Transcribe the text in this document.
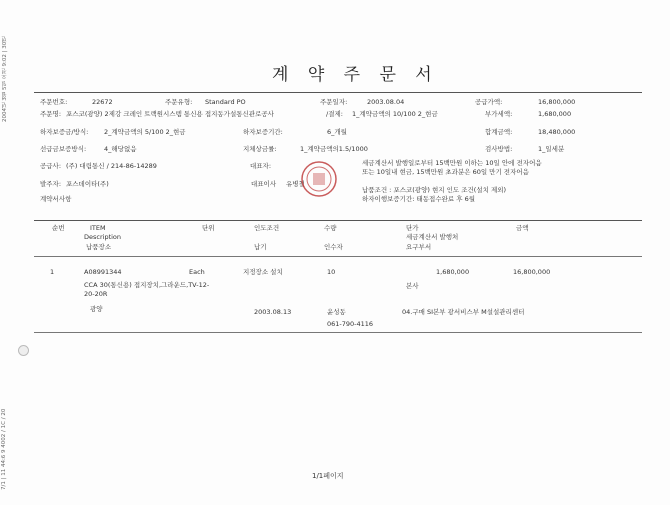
2004년 3월 5일 오전 9:02 | 30번
7/1 | 11 44:6 9 4002 / 1C / 20
계 약 주 문 서
주문번호:	22672	주문유형: Standard PO	주문일자:	2003.08.04	공급가액:	16,800,000
주문명: 포스코(광양) 2제강 크레인 트랙원시스템 통신용 접지동가설통신관로공사	/결제: 1_계약금액의 10/100 2_현금	부가세액:	1,680,000
하자보증금/방식: 2_계약금액의 5/100 2_현금	하자보증기간:	6_개월	합계금액:	18,480,000
선급금보증방식:	4_해당없음	지체상금률:	1_계약금액의1.5/1000	검사방법:	1_일세분
공급사: (주) 대림통신 / 214-86-14289	대표자:	세금계산서 발행일로부터 15백만원 이하는 10일 안에 전자어음
또는 10일내 현금, 15백만원 초과분은 60일 만기 전자어음
발주자: 포스데이타(주)	대표이사 유병철
납품조건 : 포스코(광양) 현지 인도 조건(설치 제외)
하자이행보증기간: 태동접수완료 후 6월
계약서사항
순번	ITEM	단위	인도조건	수량	단가	금액
Description	세금계산서 발행처
납품장소	납기	인수자	요구부서
1	A08991344	Each	지정장소 설치	10	1,680,000	16,800,000
CCA 30(통신용) 접지장치,그라운드,TV-12-	본사
20-20R
광양	2003.08.13	윤성동	04.구매 SI본부 광서비스부 M설설관리센터
061-790-4116
1/1페이지
